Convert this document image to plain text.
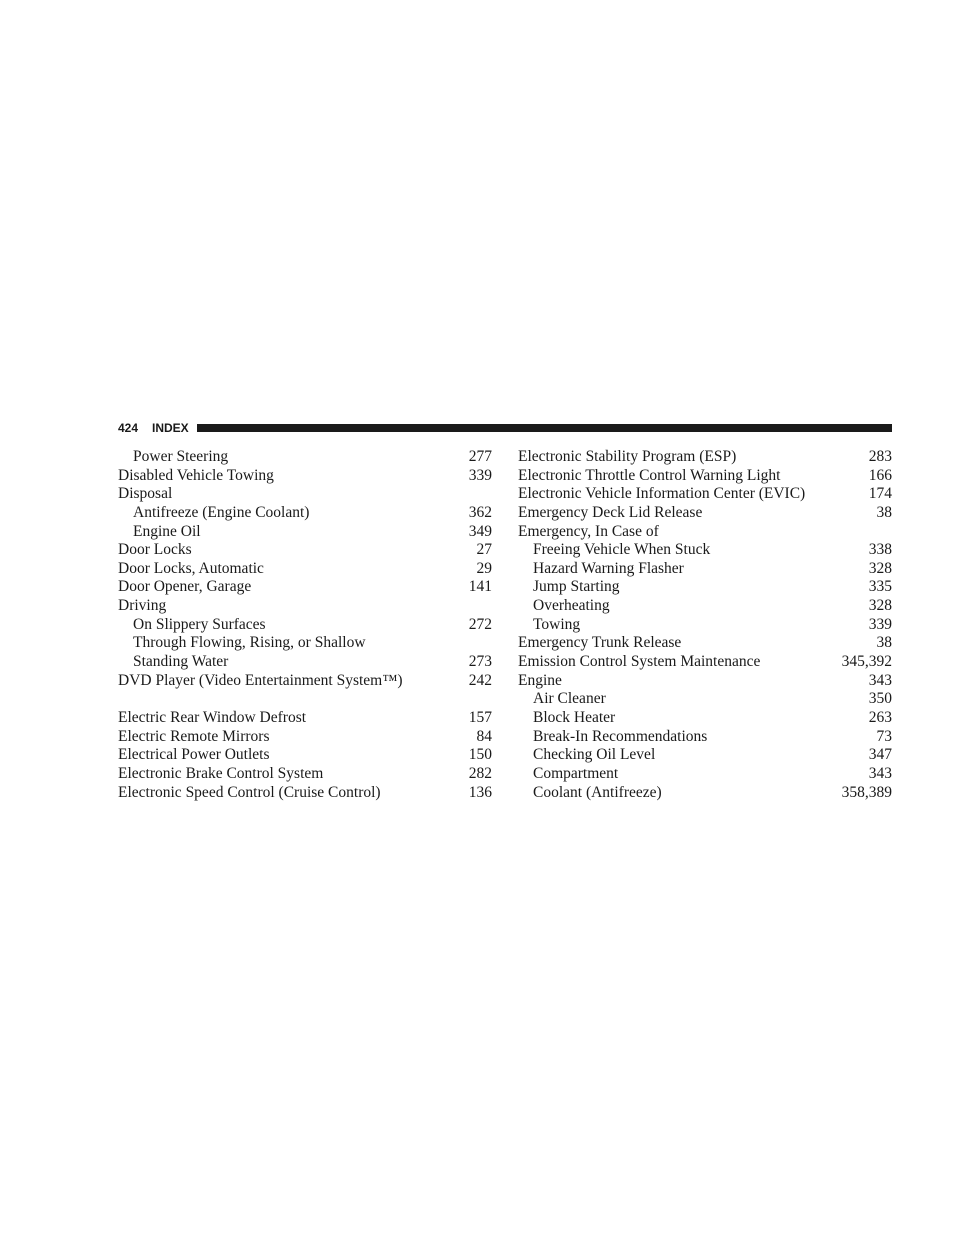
424 INDEX
Power Steering	277
Disabled Vehicle Towing	339
Disposal
Antifreeze (Engine Coolant)	362
Engine Oil	349
Door Locks	27
Door Locks, Automatic	29
Door Opener, Garage	141
Driving
On Slippery Surfaces	272
Through Flowing, Rising, or Shallow
Standing Water	273
DVD Player (Video Entertainment System™)	242
Electric Rear Window Defrost	157
Electric Remote Mirrors	84
Electrical Power Outlets	150
Electronic Brake Control System	282
Electronic Speed Control (Cruise Control)	136
Electronic Stability Program (ESP)	283
Electronic Throttle Control Warning Light	166
Electronic Vehicle Information Center (EVIC)	174
Emergency Deck Lid Release	38
Emergency, In Case of
Freeing Vehicle When Stuck	338
Hazard Warning Flasher	328
Jump Starting	335
Overheating	328
Towing	339
Emergency Trunk Release	38
Emission Control System Maintenance	345,392
Engine	343
Air Cleaner	350
Block Heater	263
Break-In Recommendations	73
Checking Oil Level	347
Compartment	343
Coolant (Antifreeze)	358,389
